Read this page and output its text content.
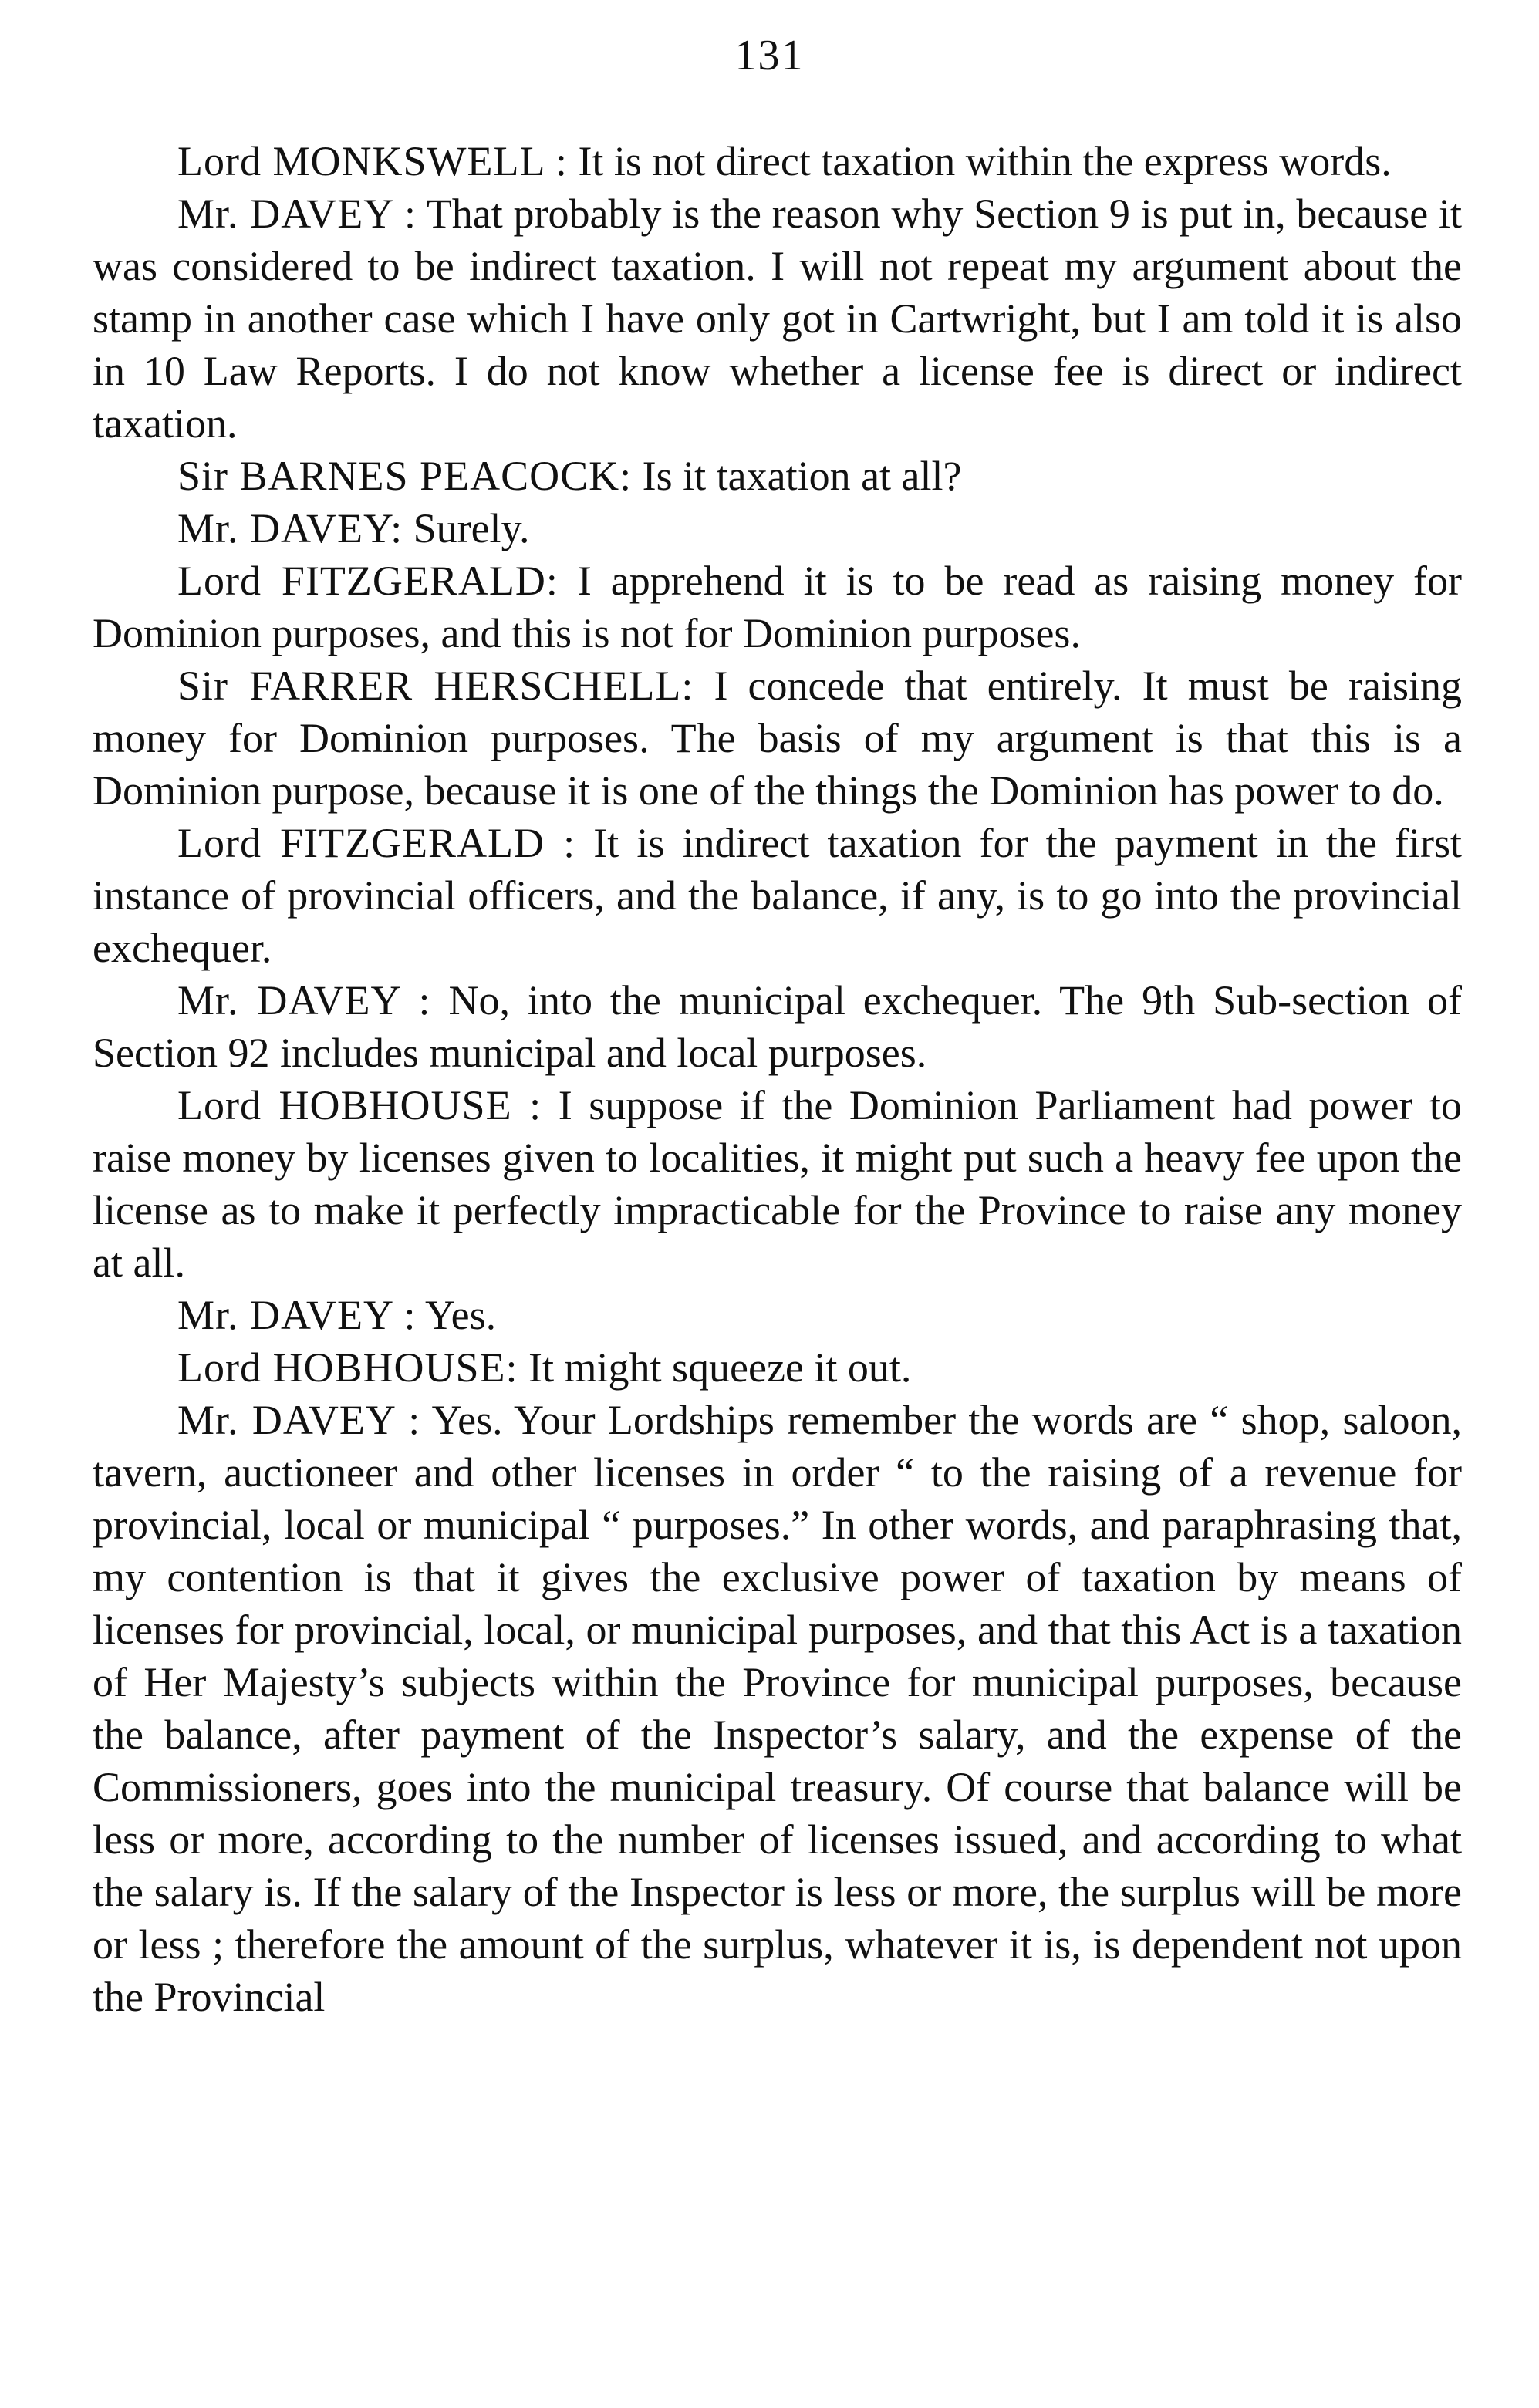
131

Lord MONKSWELL : It is not direct taxation within the express words.

Mr. DAVEY : That probably is the reason why Section 9 is put in, because it was considered to be indirect taxation. I will not repeat my argument about the stamp in another case which I have only got in Cartwright, but I am told it is also in 10 Law Reports. I do not know whether a license fee is direct or indirect taxation.

Sir BARNES PEACOCK: Is it taxation at all?

Mr. DAVEY: Surely.

Lord FITZGERALD: I apprehend it is to be read as raising money for Dominion purposes, and this is not for Dominion purposes.

Sir FARRER HERSCHELL: I concede that entirely. It must be raising money for Dominion purposes. The basis of my argument is that this is a Dominion purpose, because it is one of the things the Dominion has power to do.

Lord FITZGERALD : It is indirect taxation for the payment in the first instance of provincial officers, and the balance, if any, is to go into the provincial exchequer.

Mr. DAVEY : No, into the municipal exchequer. The 9th Sub-section of Section 92 includes municipal and local purposes.

Lord HOBHOUSE : I suppose if the Dominion Parliament had power to raise money by licenses given to localities, it might put such a heavy fee upon the license as to make it perfectly impracticable for the Province to raise any money at all.

Mr. DAVEY : Yes.

Lord HOBHOUSE: It might squeeze it out.

Mr. DAVEY : Yes. Your Lordships remember the words are “ shop, saloon, tavern, auctioneer and other licenses in order “ to the raising of a revenue for provincial, local or municipal “ purposes.” In other words, and paraphrasing that, my contention is that it gives the exclusive power of taxation by means of licenses for provincial, local, or municipal purposes, and that this Act is a taxation of Her Majesty’s subjects within the Province for municipal purposes, because the balance, after payment of the Inspector’s salary, and the expense of the Commissioners, goes into the municipal treasury. Of course that balance will be less or more, according to the number of licenses issued, and according to what the salary is. If the salary of the Inspector is less or more, the surplus will be more or less ; therefore the amount of the surplus, whatever it is, is dependent not upon the Provincial
